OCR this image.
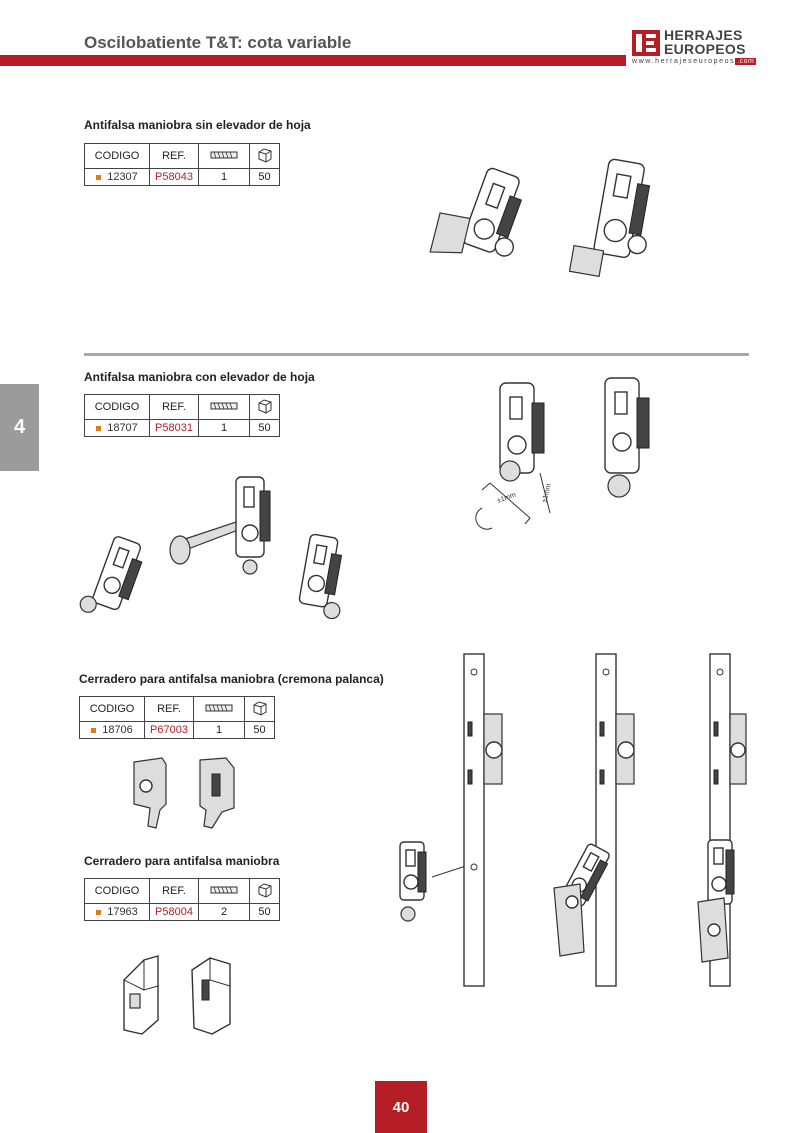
Oscilobatiente T&T: cota variable	HERRAJES
EUROPEOS
www.herrajeseuropeos .com
4
Antifalsa maniobra sin elevador de hoja
CODIGO	REF.		
12307	P58043	1	50
Antifalsa maniobra con elevador de hoja
CODIGO	REF.		
18707	P58031	1	50
±1mm	±1mm
Cerradero para antifalsa maniobra (cremona palanca)
CODIGO	REF.		
18706	P67003	1	50
Cerradero para antifalsa maniobra
CODIGO	REF.		
17963	P58004	2	50
40
